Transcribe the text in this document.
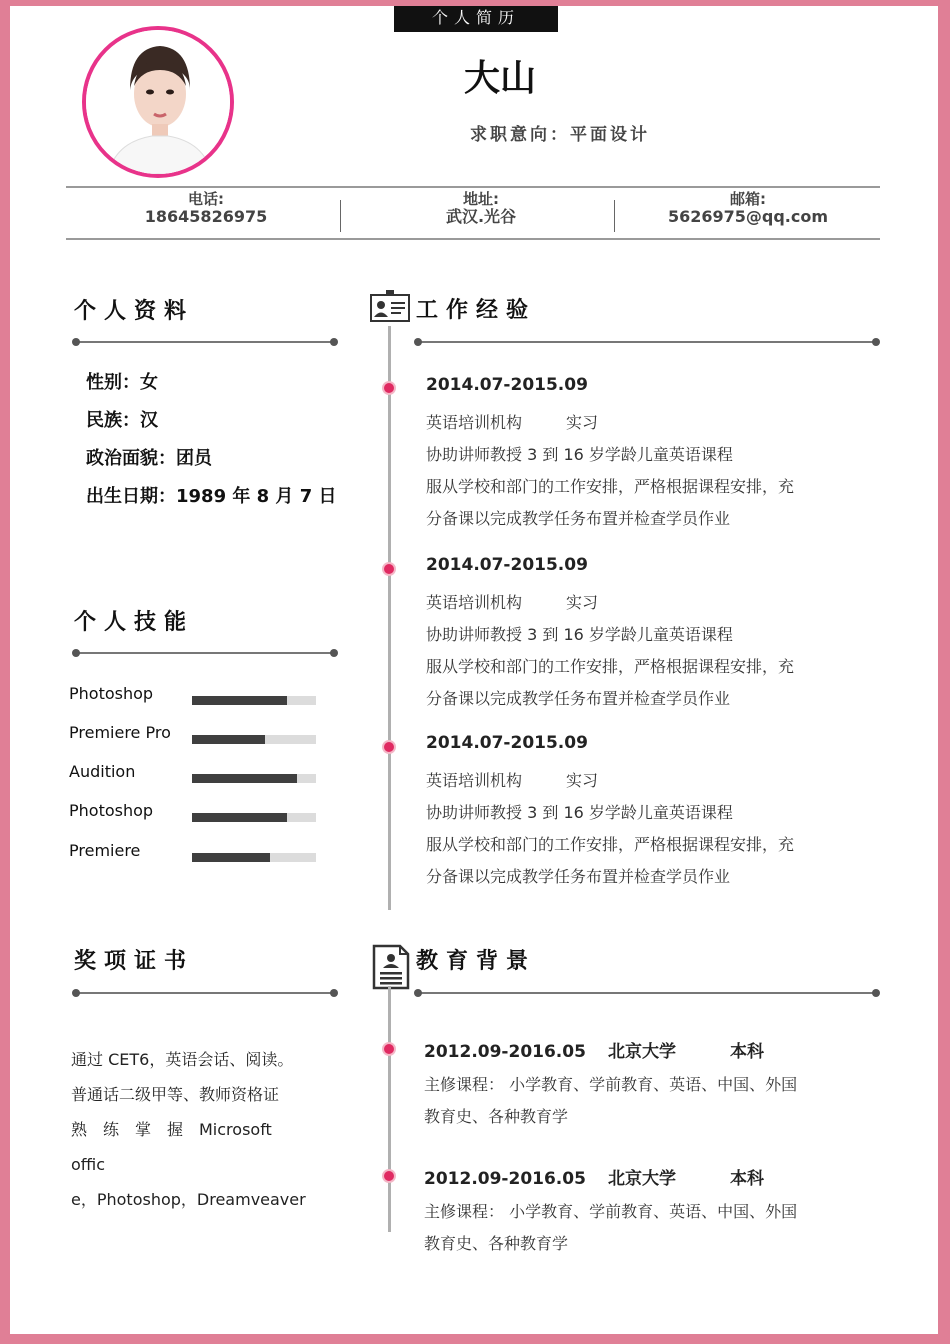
个人简历
大山
求职意向：平面设计
电话:
18645826975
地址:
武汉.光谷
邮箱:
5626975@qq.com
个人资料
性别：女
民族：汉
政治面貌：团员
出生日期：1989 年 8 月 7 日
个人技能
Photoshop
Premiere Pro
Audition
Photoshop
Premiere
奖项证书
通过 CET6，英语会话、阅读。
普通话二级甲等、教师资格证
熟　练　掌　握　Microsoft
offic
e，Photoshop，Dreamveaver
工作经验
2014.07-2015.09
英语培训机构	实习
协助讲师教授 3 到 16 岁学龄儿童英语课程
服从学校和部门的工作安排，严格根据课程安排，充
分备课以完成教学任务布置并检查学员作业
2014.07-2015.09
英语培训机构	实习
协助讲师教授 3 到 16 岁学龄儿童英语课程
服从学校和部门的工作安排，严格根据课程安排，充
分备课以完成教学任务布置并检查学员作业
2014.07-2015.09
英语培训机构	实习
协助讲师教授 3 到 16 岁学龄儿童英语课程
服从学校和部门的工作安排，严格根据课程安排，充
分备课以完成教学任务布置并检查学员作业
教育背景
2012.09-2016.05 北京大学	本科
主修课程： 小学教育、学前教育、英语、中国、外国
教育史、各种教育学
2012.09-2016.05 北京大学	本科
主修课程： 小学教育、学前教育、英语、中国、外国
教育史、各种教育学
